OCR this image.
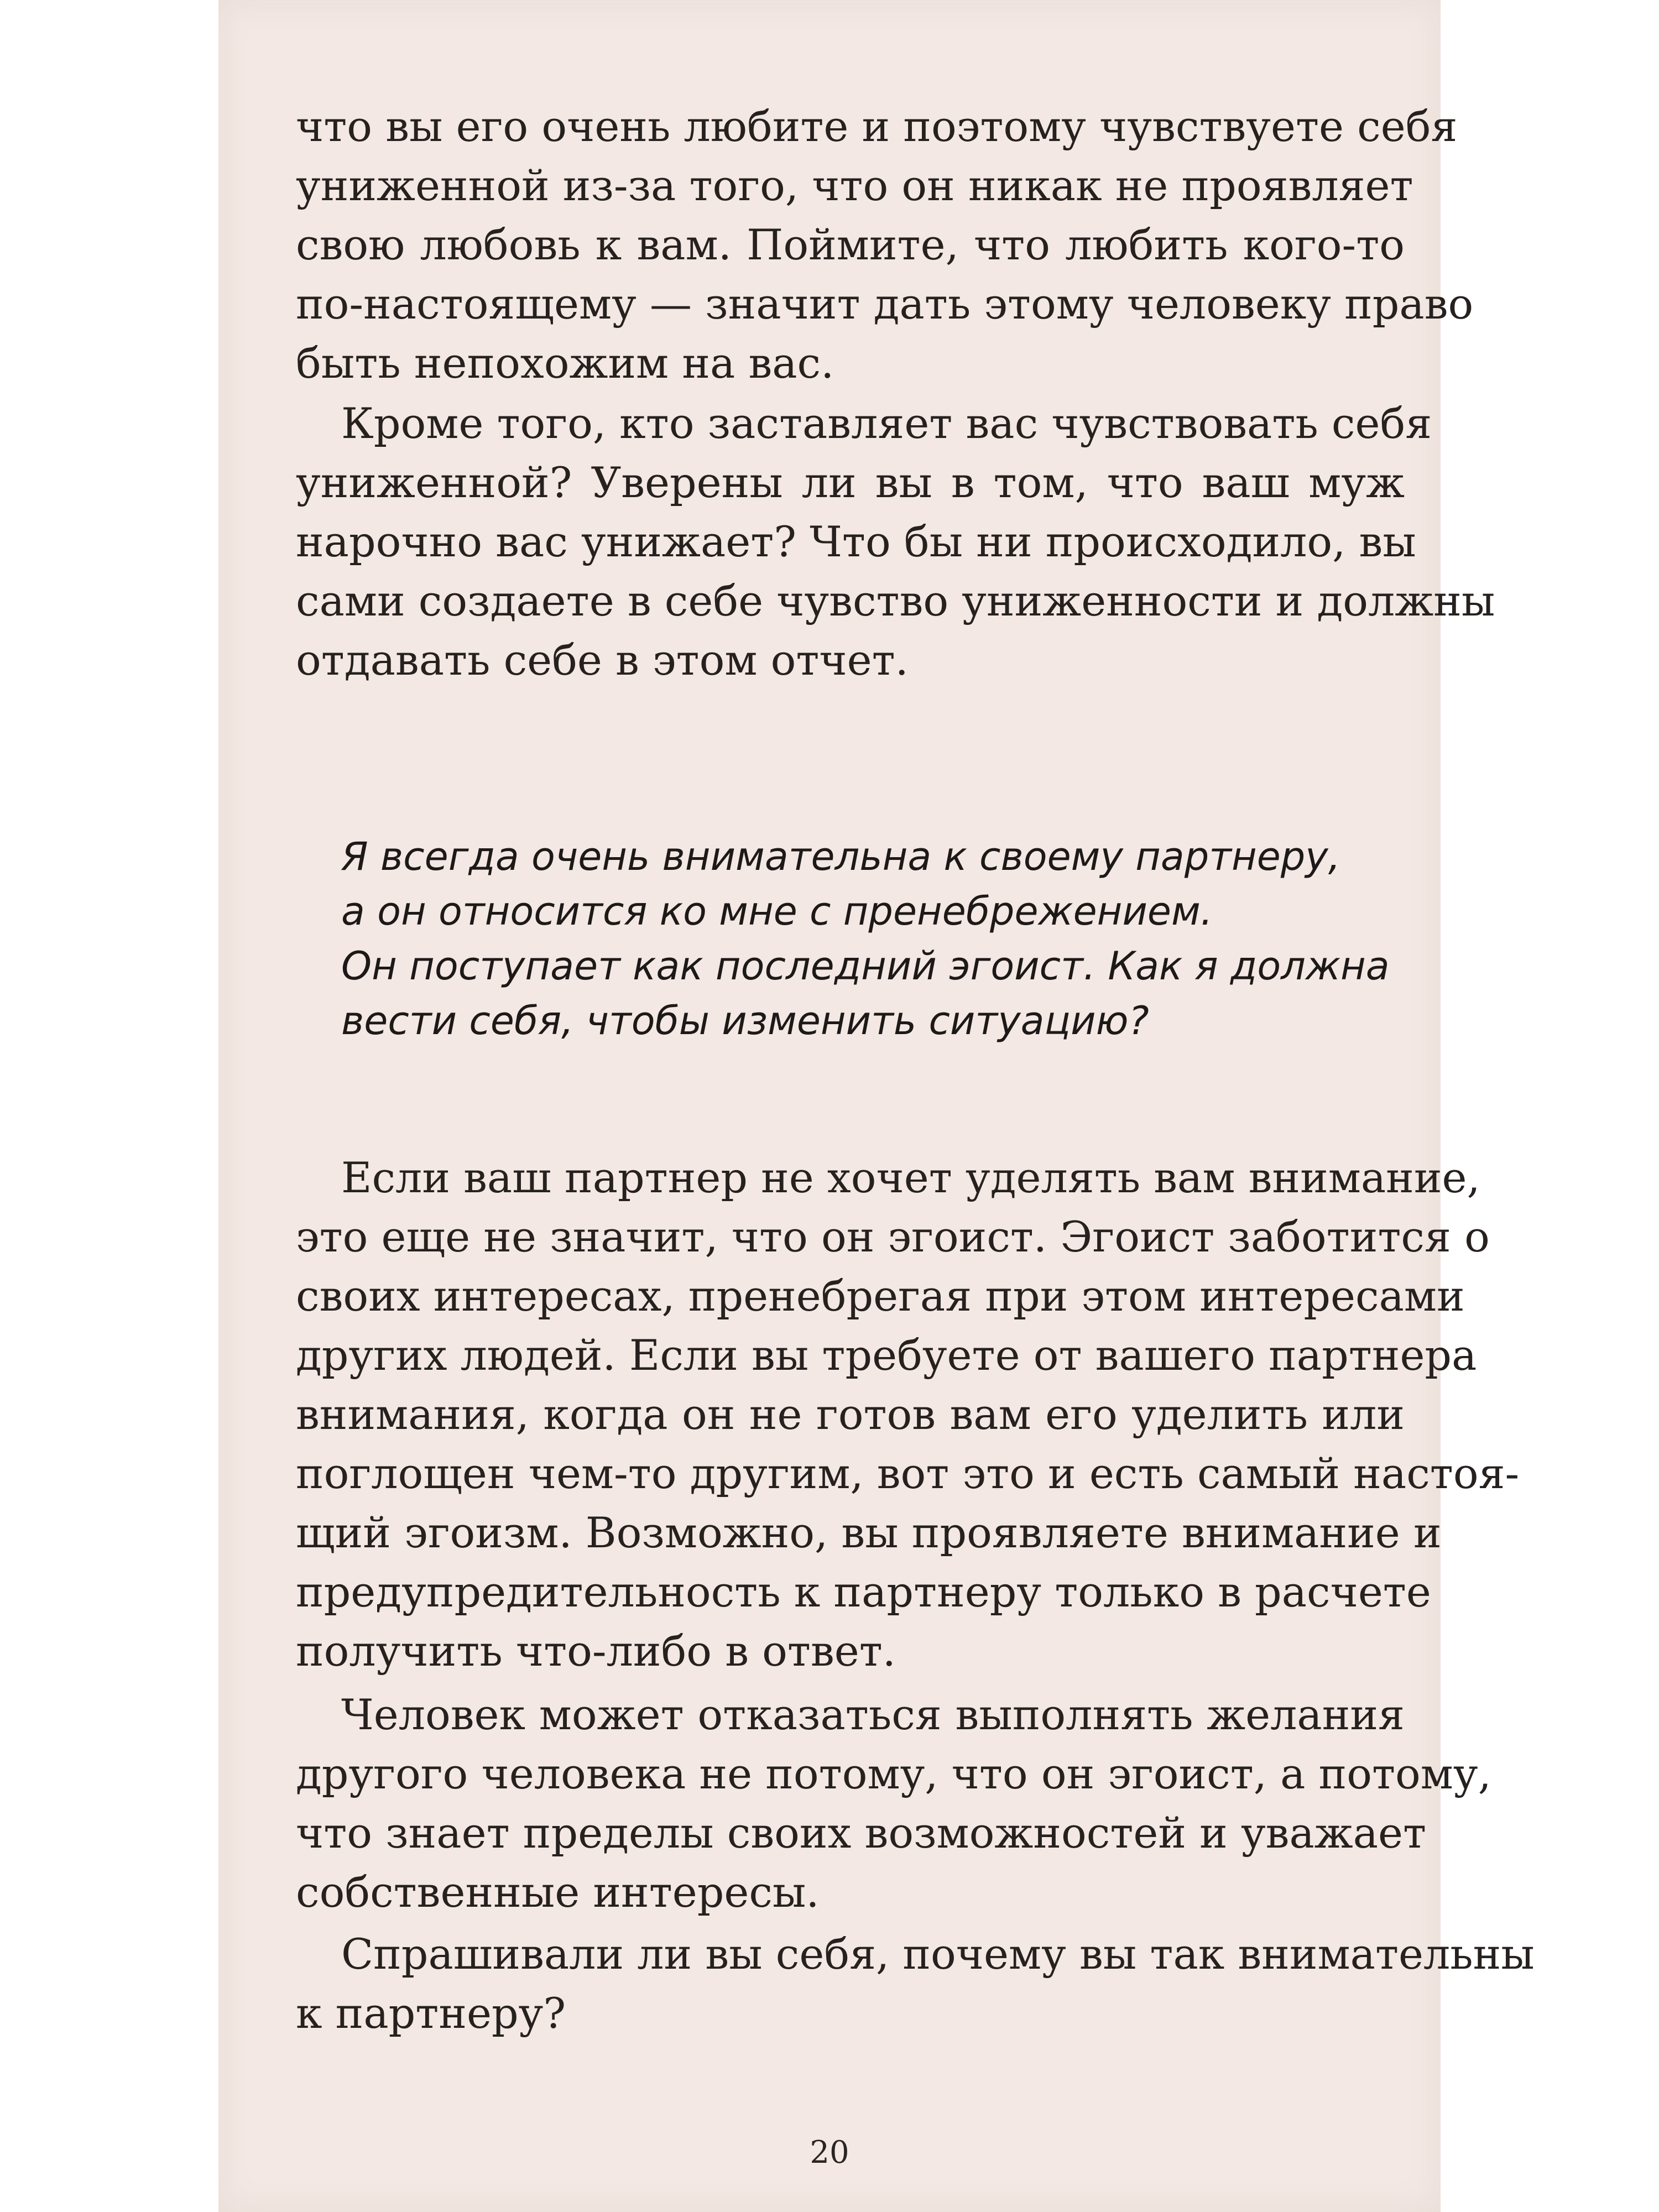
что вы его очень любите и поэтому чувствуете себя
униженной из-за того, что он никак не проявляет
свою любовь к вам. Поймите, что любить кого-то
по-настоящему — значит дать этому человеку право
быть непохожим на вас.
Кроме того, кто заставляет вас чувствовать себя
униженной? Уверены ли вы в том, что ваш муж
нарочно вас унижает? Что бы ни происходило, вы
сами создаете в себе чувство униженности и должны
отдавать себе в этом отчет.
Если ваш партнер не хочет уделять вам внимание,
это еще не значит, что он эгоист. Эгоист заботится о
своих интересах, пренебрегая при этом интересами
других людей. Если вы требуете от вашего партнера
внимания, когда он не готов вам его уделить или
поглощен чем-то другим, вот это и есть самый настоя-
щий эгоизм. Возможно, вы проявляете внимание и
предупредительность к партнеру только в расчете
получить что-либо в ответ.
Человек может отказаться выполнять желания
другого человека не потому, что он эгоист, а потому,
что знает пределы своих возможностей и уважает
собственные интересы.
Спрашивали ли вы себя, почему вы так внимательны
к партнеру?
Я всегда очень внимательна к своему партнеру,
а он относится ко мне с пренебрежением.
Он поступает как последний эгоист. Как я должна
вести себя, чтобы изменить ситуацию?
20
